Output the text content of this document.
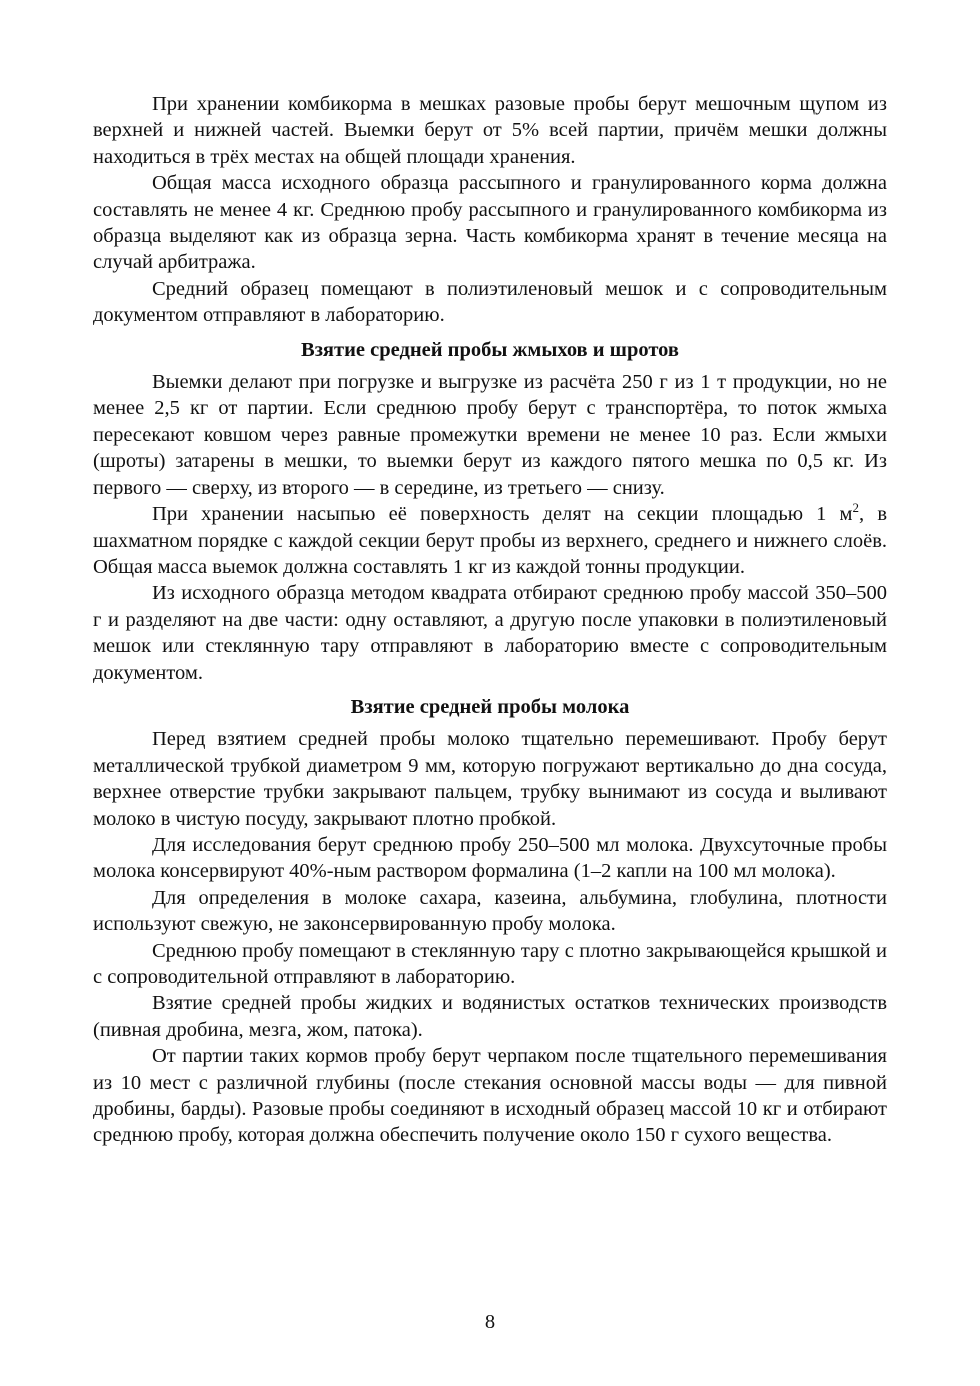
При хранении комбикорма в мешках разовые пробы берут мешочным щупом из верхней и нижней частей. Выемки берут от 5% всей партии, причём мешки должны находиться в трёх местах на общей площади хранения.

Общая масса исходного образца рассыпного и гранулированного корма должна составлять не менее 4 кг. Среднюю пробу рассыпного и гранулированного комбикорма из образца выделяют как из образца зерна. Часть комбикорма хранят в течение месяца на случай арбитража.

Средний образец помещают в полиэтиленовый мешок и с сопроводительным документом отправляют в лабораторию.

Взятие средней пробы жмыхов и шротов

Выемки делают при погрузке и выгрузке из расчёта 250 г из 1 т продукции, но не менее 2,5 кг от партии. Если среднюю пробу берут с транспортёра, то поток жмыха пересекают ковшом через равные промежутки времени не менее 10 раз. Если жмыхи (шроты) затарены в мешки, то выемки берут из каждого пятого мешка по 0,5 кг. Из первого — сверху, из второго — в середине, из третьего — снизу.

При хранении насыпью её поверхность делят на секции площадью 1 $м^2$, в шахматном порядке с каждой секции берут пробы из верхнего, среднего и нижнего слоёв. Общая масса выемок должна составлять 1 кг из каждой тонны продукции.

Из исходного образца методом квадрата отбирают среднюю пробу массой 350–500 г и разделяют на две части: одну оставляют, а другую после упаковки в полиэтиленовый мешок или стеклянную тару отправляют в лабораторию вместе с сопроводительным документом.

Взятие средней пробы молока

Перед взятием средней пробы молоко тщательно перемешивают. Пробу берут металлической трубкой диаметром 9 мм, которую погружают вертикально до дна сосуда, верхнее отверстие трубки закрывают пальцем, трубку вынимают из сосуда и выливают молоко в чистую посуду, закрывают плотно пробкой.

Для исследования берут среднюю пробу 250–500 мл молока. Двухсуточные пробы молока консервируют 40%-ным раствором формалина (1–2 капли на 100 мл молока).

Для определения в молоке сахара, казеина, альбумина, глобулина, плотности используют свежую, не законсервированную пробу молока.

Среднюю пробу помещают в стеклянную тару с плотно закрывающейся крышкой и с сопроводительной отправляют в лабораторию.

Взятие средней пробы жидких и водянистых остатков технических производств (пивная дробина, мезга, жом, патока).

От партии таких кормов пробу берут черпаком после тщательного перемешивания из 10 мест с различной глубины (после стекания основной массы воды — для пивной дробины, барды). Разовые пробы соединяют в исходный образец массой 10 кг и отбирают среднюю пробу, которая должна обеспечить получение около 150 г сухого вещества.

8
